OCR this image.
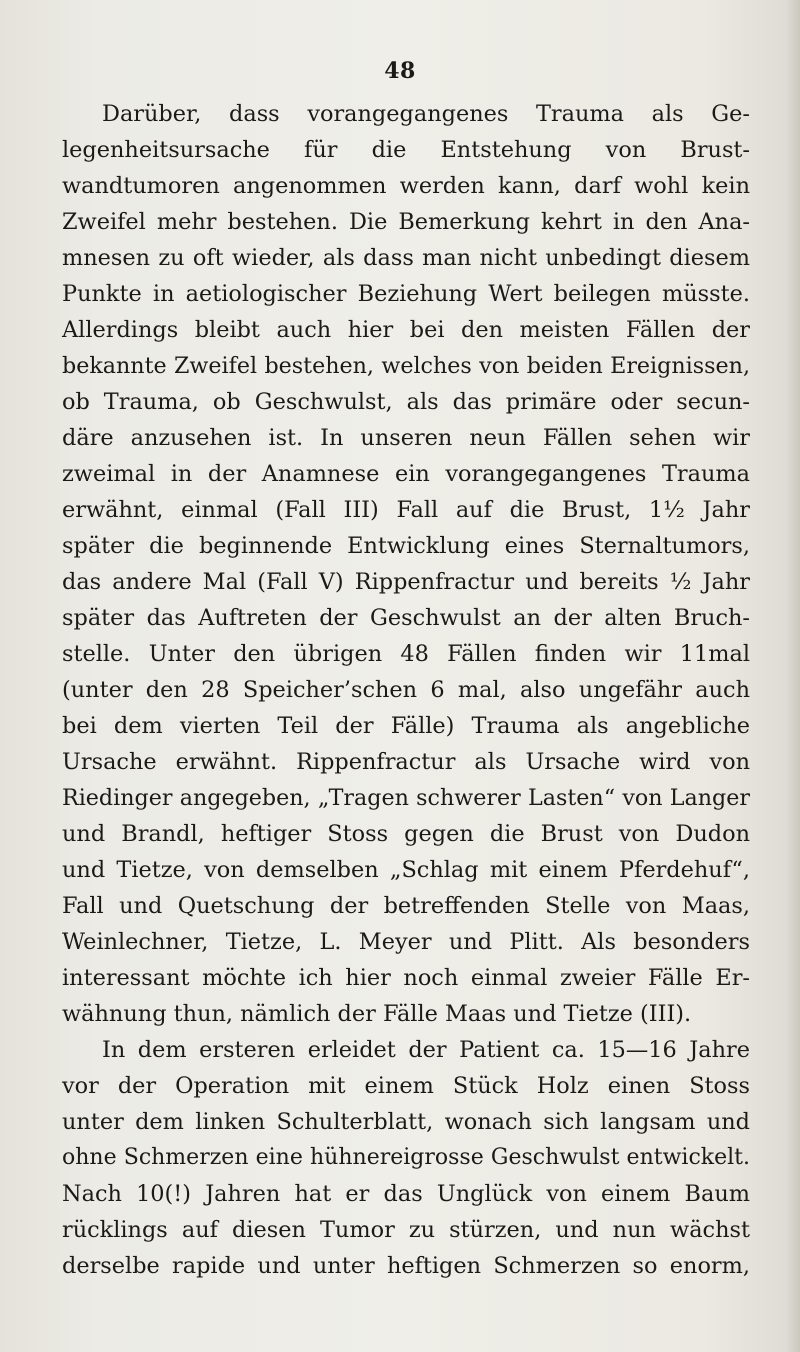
48
Darüber, dass vorangegangenes Trauma als Ge-
legenheitsursache für die Entstehung von Brust-
wandtumoren angenommen werden kann, darf wohl kein
Zweifel mehr bestehen. Die Bemerkung kehrt in den Ana-
mnesen zu oft wieder, als dass man nicht unbedingt diesem
Punkte in aetiologischer Beziehung Wert beilegen müsste.
Allerdings bleibt auch hier bei den meisten Fällen der
bekannte Zweifel bestehen, welches von beiden Ereignissen,
ob Trauma, ob Geschwulst, als das primäre oder secun-
däre anzusehen ist. In unseren neun Fällen sehen wir
zweimal in der Anamnese ein vorangegangenes Trauma
erwähnt, einmal (Fall III) Fall auf die Brust, 1½ Jahr
später die beginnende Entwicklung eines Sternaltumors,
das andere Mal (Fall V) Rippenfractur und bereits ½ Jahr
später das Auftreten der Geschwulst an der alten Bruch-
stelle. Unter den übrigen 48 Fällen finden wir 11mal
(unter den 28 Speicher’schen 6 mal, also ungefähr auch
bei dem vierten Teil der Fälle) Trauma als angebliche
Ursache erwähnt. Rippenfractur als Ursache wird von
Riedinger angegeben, „Tragen schwerer Lasten“ von Langer
und Brandl, heftiger Stoss gegen die Brust von Dudon
und Tietze, von demselben „Schlag mit einem Pferdehuf“,
Fall und Quetschung der betreffenden Stelle von Maas,
Weinlechner, Tietze, L. Meyer und Plitt. Als besonders
interessant möchte ich hier noch einmal zweier Fälle Er-
wähnung thun, nämlich der Fälle Maas und Tietze (III).
In dem ersteren erleidet der Patient ca. 15—16 Jahre
vor der Operation mit einem Stück Holz einen Stoss
unter dem linken Schulterblatt, wonach sich langsam und
ohne Schmerzen eine hühnereigrosse Geschwulst entwickelt.
Nach 10(!) Jahren hat er das Unglück von einem Baum
rücklings auf diesen Tumor zu stürzen, und nun wächst
derselbe rapide und unter heftigen Schmerzen so enorm,
